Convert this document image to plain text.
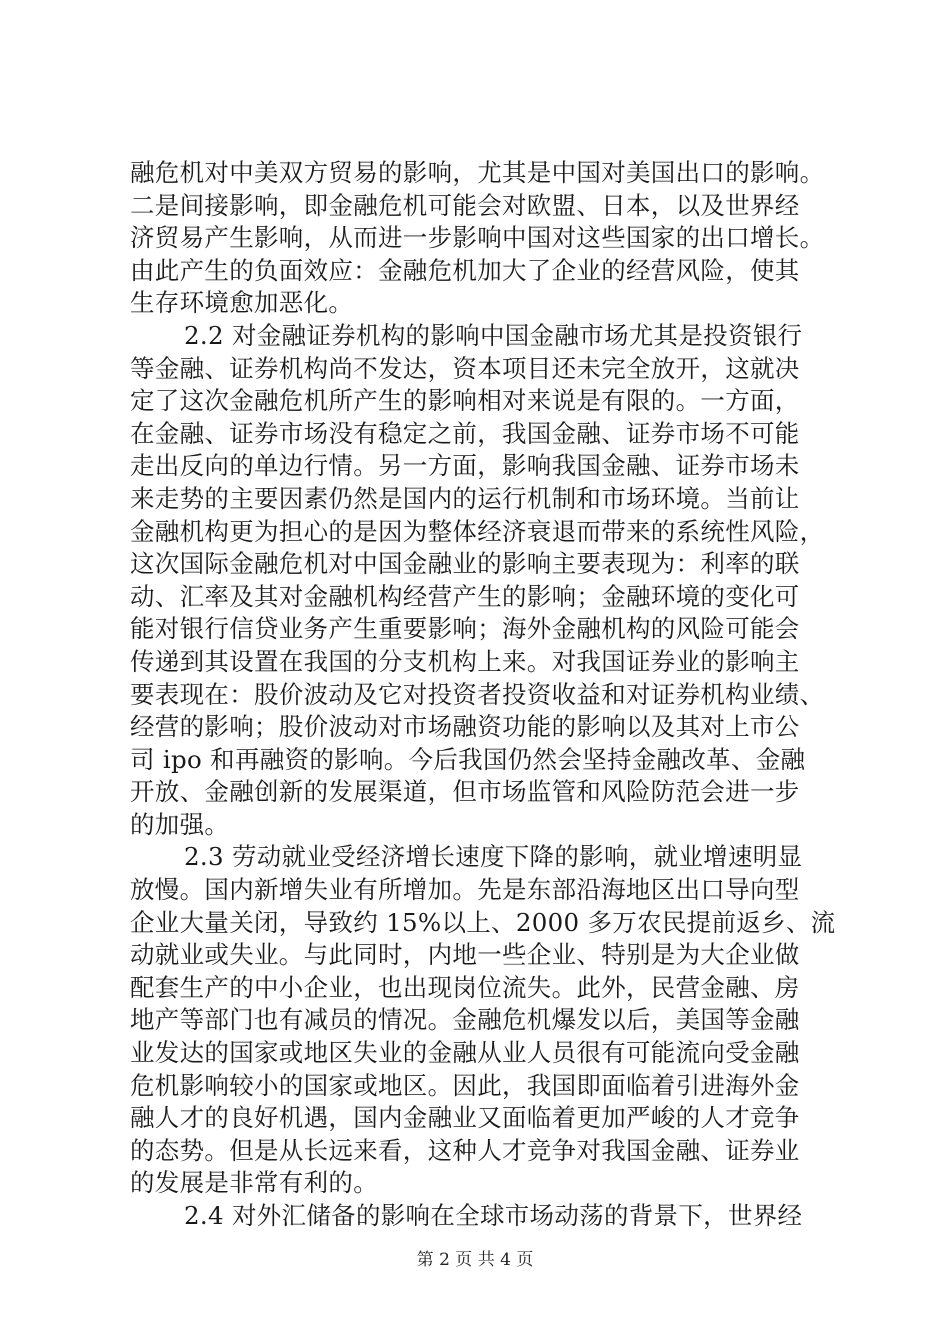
融危机对中美双方贸易的影响，尤其是中国对美国出口的影响。
二是间接影响，即金融危机可能会对欧盟、日本，以及世界经
济贸易产生影响，从而进一步影响中国对这些国家的出口增长。
由此产生的负面效应：金融危机加大了企业的经营风险，使其
生存环境愈加恶化。
2.2 对金融证券机构的影响中国金融市场尤其是投资银行
等金融、证券机构尚不发达，资本项目还未完全放开，这就决
定了这次金融危机所产生的影响相对来说是有限的。一方面，
在金融、证券市场没有稳定之前，我国金融、证券市场不可能
走出反向的单边行情。另一方面，影响我国金融、证券市场未
来走势的主要因素仍然是国内的运行机制和市场环境。当前让
金融机构更为担心的是因为整体经济衰退而带来的系统性风险，
这次国际金融危机对中国金融业的影响主要表现为：利率的联
动、汇率及其对金融机构经营产生的影响；金融环境的变化可
能对银行信贷业务产生重要影响；海外金融机构的风险可能会
传递到其设置在我国的分支机构上来。对我国证券业的影响主
要表现在：股价波动及它对投资者投资收益和对证券机构业绩、
经营的影响；股价波动对市场融资功能的影响以及其对上市公
司 ipo 和再融资的影响。今后我国仍然会坚持金融改革、金融
开放、金融创新的发展渠道，但市场监管和风险防范会进一步
的加强。
2.3 劳动就业受经济增长速度下降的影响，就业增速明显
放慢。国内新增失业有所增加。先是东部沿海地区出口导向型
企业大量关闭，导致约 15%以上、2000 多万农民提前返乡、流
动就业或失业。与此同时，内地一些企业、特别是为大企业做
配套生产的中小企业，也出现岗位流失。此外，民营金融、房
地产等部门也有减员的情况。金融危机爆发以后，美国等金融
业发达的国家或地区失业的金融从业人员很有可能流向受金融
危机影响较小的国家或地区。因此，我国即面临着引进海外金
融人才的良好机遇，国内金融业又面临着更加严峻的人才竞争
的态势。但是从长远来看，这种人才竞争对我国金融、证券业
的发展是非常有利的。
2.4 对外汇储备的影响在全球市场动荡的背景下，世界经
第 2 页 共 4 页
